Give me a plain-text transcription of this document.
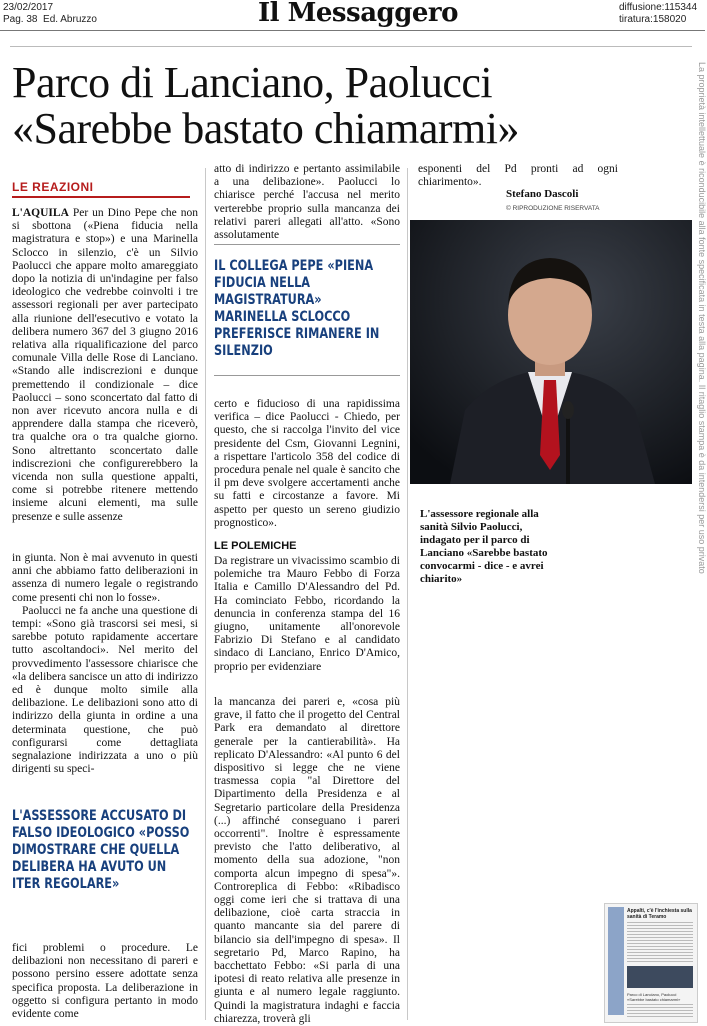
23/02/2017
Pag. 38  Ed. Abruzzo	Il Messaggero	diffusione:115344
tiratura:158020
Parco di Lanciano, Paolucci
«Sarebbe bastato chiamarmi»
LE REAZIONI

L'AQUILA Per un Dino Pepe che non si sbottona («Piena fiducia nella magistratura e stop») e una Marinella Sclocco in silenzio, c'è un Silvio Paolucci che appare molto amareggiato dopo la notizia di un'indagine per falso ideologico che vedrebbe coinvolti i tre assessori regionali per aver partecipato alla riunione dell'esecutivo e votato la delibera numero 367 del 3 giugno 2016 relativa alla riqualificazione del parco comunale Villa delle Rose di Lanciano. «Stando alle indiscrezioni e dunque premettendo il condizionale – dice Paolucci – sono sconcertato dal fatto di non aver ricevuto ancora nulla e di apprendere dalla stampa che riceverò, tra qualche ora o tra qualche giorno. Sono altrettanto sconcertato dalle indiscrezioni che configurerebbero la vicenda non sulla questione appalti, come si potrebbe ritenere mettendo insieme alcuni elementi, ma sulle presenze e sulle assenze

in giunta. Non è mai avvenuto in questi anni che abbiamo fatto deliberazioni in assenza di numero legale o registrando come presenti chi non lo fosse».

Paolucci ne fa anche una questione di tempi: «Sono già trascorsi sei mesi, si sarebbe potuto rapidamente accertare tutto ascoltandoci». Nel merito del provvedimento l'assessore chiarisce che «la delibera sancisce un atto di indirizzo ed è dunque molto simile alla delibazione. Le delibazioni sono atto di indirizzo della giunta in ordine a una determinata questione, che può configurarsi come dettagliata segnalazione indirizzata a uno o più dirigenti su speci-

L'ASSESSORE ACCUSATO DI FALSO IDEOLOGICO «POSSO DIMOSTRARE CHE QUELLA DELIBERA HA AVUTO UN ITER REGOLARE»

fici problemi o procedure. Le delibazioni non necessitano di pareri e possono persino essere adottate senza specifica proposta. La deliberazione in oggetto si configura pertanto in modo evidente come

atto di indirizzo e pertanto assimilabile a una delibazione». Paolucci lo chiarisce perché l'accusa nel merito verterebbe proprio sulla mancanza dei relativi pareri allegati all'atto. «Sono assolutamente

IL COLLEGA PEPE «PIENA FIDUCIA NELLA MAGISTRATURA» MARINELLA SCLOCCO PREFERISCE RIMANERE IN SILENZIO

certo e fiducioso di una rapidissima verifica – dice Paolucci - Chiedo, per questo, che si raccolga l'invito del vice presidente del Csm, Giovanni Legnini, a rispettare l'articolo 358 del codice di procedura penale nel quale è sancito che il pm deve svolgere accertamenti anche su fatti e circostanze a favore. Mi aspetto per questo un sereno giudizio prognostico».

LE POLEMICHE

Da registrare un vivacissimo scambio di polemiche tra Mauro Febbo di Forza Italia e Camillo D'Alessandro del Pd. Ha cominciato Febbo, ricordando la denuncia in conferenza stampa del 16 giugno, unitamente all'onorevole Fabrizio Di Stefano e al candidato sindaco di Lanciano, Enrico D'Amico, proprio per evidenziare

la mancanza dei pareri e, «cosa più grave, il fatto che il progetto del Central Park era demandato al direttore generale per la cantierabilità». Ha replicato D'Alessandro: «Al punto 6 del dispositivo si legge che ne viene trasmessa copia "al Direttore del Dipartimento della Presidenza e al Segretario particolare della Presidenza (...) affinché conseguano i pareri occorrenti". Inoltre è espressamente previsto che l'atto deliberativo, al momento della sua adozione, "non comporta alcun impegno di spesa"». Controreplica di Febbo: «Ribadisco oggi come ieri che si trattava di una delibazione, cioè carta straccia in quanto mancante sia del parere di bilancio sia dell'impegno di spesa». Il segretario Pd, Marco Rapino, ha bacchettato Febbo: «Si parla di una ipotesi di reato relativa alle presenze in giunta e al numero legale raggiunto. Quindi la magistratura indaghi e faccia chiarezza, troverà gli

esponenti del Pd pronti ad ogni chiarimento».

Stefano Dascoli
© RIPRODUZIONE RISERVATA
L'assessore regionale alla sanità Silvio Paolucci, indagato per il parco di Lanciano «Sarebbe bastato convocarmi - dice - e avrei chiarito»
La proprietà intellettuale è riconducibile alla fonte specificata in testa alla pagina. Il ritaglio stampa è da intendersi per uso privato
Appalti, c'è l'inchiesta sulla sanità di Teramo
Parco di Lanciano, Paolucci «Sarebbe bastato chiamarmi»
